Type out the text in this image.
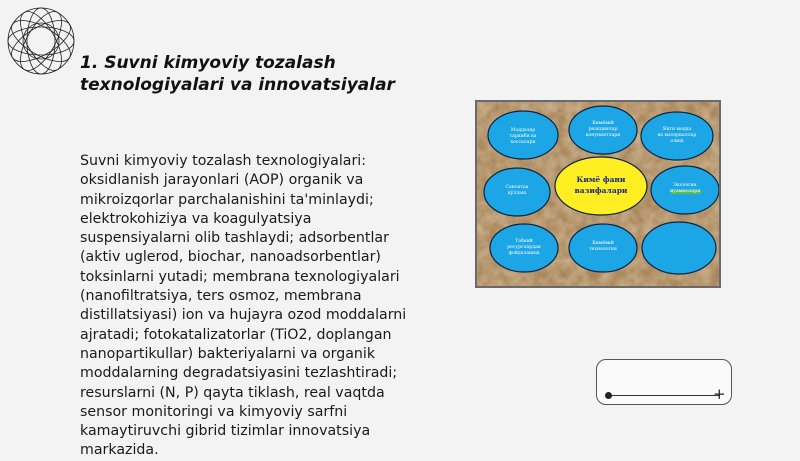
1. Suvni kimyoviy tozalash
texnologiyalari va innovatsiyalar

Suvni kimyoviy tozalash texnologiyalari: oksidlanish jarayonlari (AOP) organik va mikroizqorlar parchalanishini ta'minlaydi; elektrokohiziya va koagulyatsiya suspensiyalarni olib tashlaydi; adsorbentlar (aktiv uglerod, biochar, nanoadsorbentlar) toksinlarni yutadi; membrana texnologiyalari (nanofiltratsiya, ters osmoz, membrana distillatsiyasi) ion va hujayra ozod moddalarni ajratadi; fotokatalizatorlar (TiO2, doplangan nanopartikullar) bakteriyalarni va organik moddalarning degradatsiyasini tezlashtiradi; resurslarni (N, P) qayta tiklash, real vaqtda sensor monitoringi va kimyoviy sarfni kamaytiruvchi gibrid tizimlar innovatsiya markazida.

Моддалар
таркиби ва
хоссалари
Кимёвий
реакциялар
қонуниятлари
Янги модда
ва материаллар
олиш
Саноатда
қўллаш
Кимё фани
вазифалари
Экология
муаммолари
Табиий
ресурслардан
фойдаланиш
Кимёвий
технология
+
